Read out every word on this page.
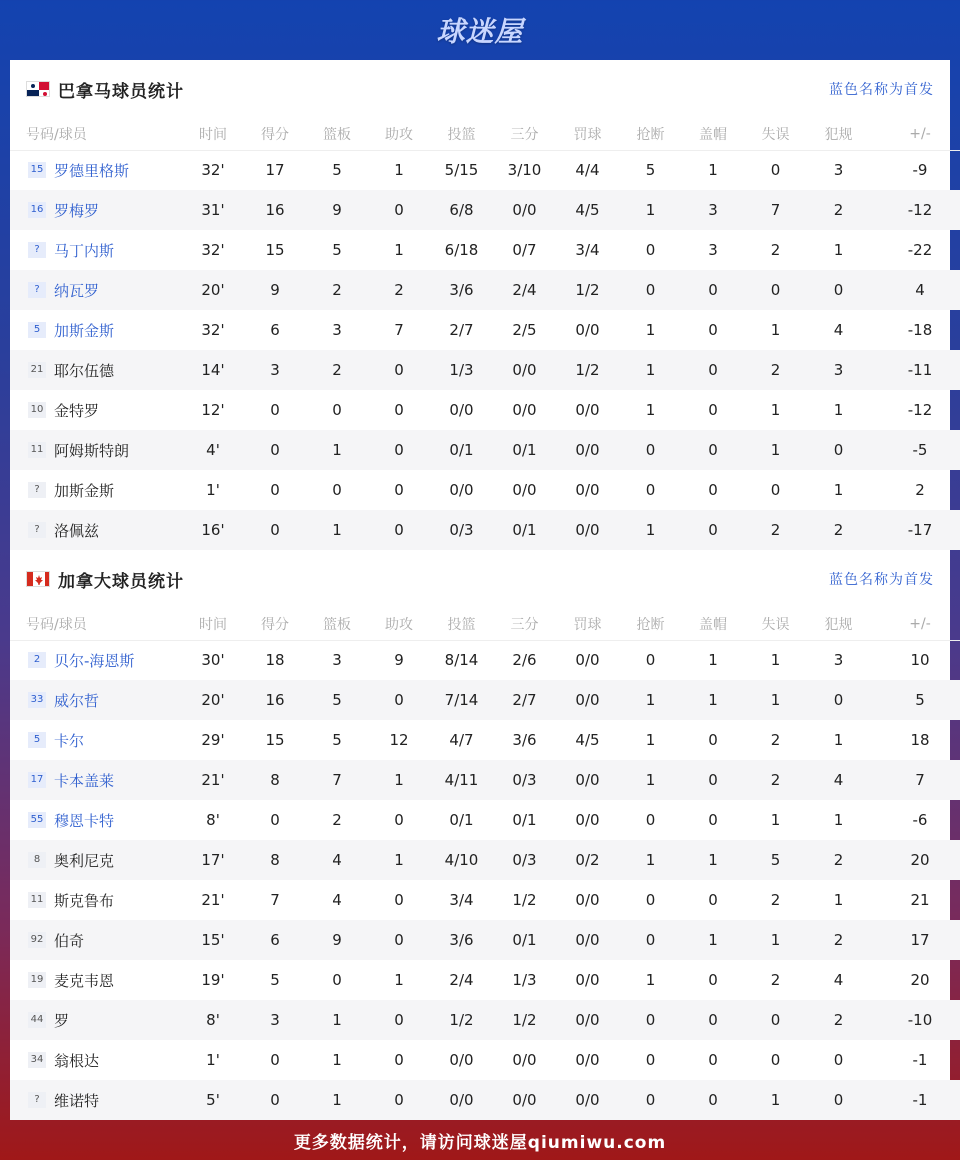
球迷屋
巴拿马球员统计	蓝色名称为首发
号码/球员	时间	得分	篮板	助攻	投篮	三分	罚球	抢断	盖帽	失误	犯规	+/-
15 罗德里格斯	32'	17	5	1	5/15	3/10	4/4	5	1	0	3	-9
16 罗梅罗	31'	16	9	0	6/8	0/0	4/5	1	3	7	2	-12
? 马丁内斯	32'	15	5	1	6/18	0/7	3/4	0	3	2	1	-22
? 纳瓦罗	20'	9	2	2	3/6	2/4	1/2	0	0	0	0	4
5 加斯金斯	32'	6	3	7	2/7	2/5	0/0	1	0	1	4	-18
21 耶尔伍德	14'	3	2	0	1/3	0/0	1/2	1	0	2	3	-11
10 金特罗	12'	0	0	0	0/0	0/0	0/0	1	0	1	1	-12
11 阿姆斯特朗	4'	0	1	0	0/1	0/1	0/0	0	0	1	0	-5
? 加斯金斯	1'	0	0	0	0/0	0/0	0/0	0	0	0	1	2
? 洛佩兹	16'	0	1	0	0/3	0/1	0/0	1	0	2	2	-17
加拿大球员统计	蓝色名称为首发
号码/球员	时间	得分	篮板	助攻	投篮	三分	罚球	抢断	盖帽	失误	犯规	+/-
2 贝尔-海恩斯	30'	18	3	9	8/14	2/6	0/0	0	1	1	3	10
33 威尔哲	20'	16	5	0	7/14	2/7	0/0	1	1	1	0	5
5 卡尔	29'	15	5	12	4/7	3/6	4/5	1	0	2	1	18
17 卡本盖莱	21'	8	7	1	4/11	0/3	0/0	1	0	2	4	7
55 穆恩卡特	8'	0	2	0	0/1	0/1	0/0	0	0	1	1	-6
8 奥利尼克	17'	8	4	1	4/10	0/3	0/2	1	1	5	2	20
11 斯克鲁布	21'	7	4	0	3/4	1/2	0/0	0	0	2	1	21
92 伯奇	15'	6	9	0	3/6	0/1	0/0	0	1	1	2	17
19 麦克韦恩	19'	5	0	1	2/4	1/3	0/0	1	0	2	4	20
44 罗	8'	3	1	0	1/2	1/2	0/0	0	0	0	2	-10
34 翁根达	1'	0	1	0	0/0	0/0	0/0	0	0	0	0	-1
? 维诺特	5'	0	1	0	0/0	0/0	0/0	0	0	1	0	-1
更多数据统计，请访问球迷屋qiumiwu.com
